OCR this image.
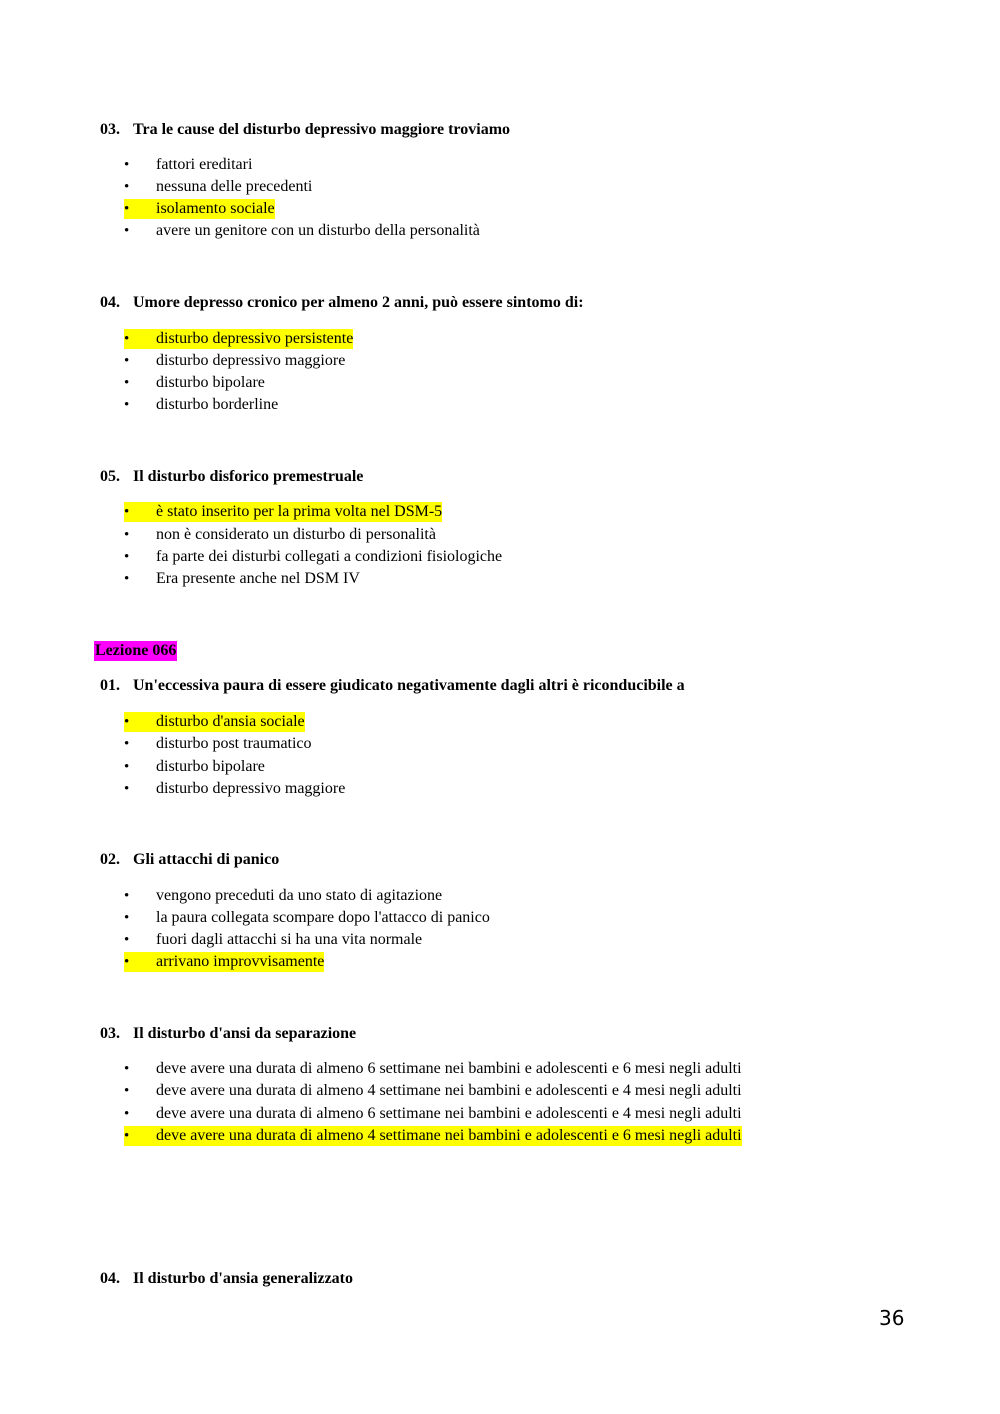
03. Tra le cause del disturbo depressivo maggiore troviamo
• fattori ereditari
• nessuna delle precedenti
• isolamento sociale
• avere un genitore con un disturbo della personalità
04. Umore depresso cronico per almeno 2 anni, può essere sintomo di:
• disturbo depressivo persistente
• disturbo depressivo maggiore
• disturbo bipolare
• disturbo borderline
05. Il disturbo disforico premestruale
• è stato inserito per la prima volta nel DSM-5
• non è considerato un disturbo di personalità
• fa parte dei disturbi collegati a condizioni fisiologiche
• Era presente anche nel DSM IV
Lezione 066
01. Un'eccessiva paura di essere giudicato negativamente dagli altri è riconducibile a
• disturbo d'ansia sociale
• disturbo post traumatico
• disturbo bipolare
• disturbo depressivo maggiore
02. Gli attacchi di panico
• vengono preceduti da uno stato di agitazione
• la paura collegata scompare dopo l'attacco di panico
• fuori dagli attacchi si ha una vita normale
• arrivano improvvisamente
03. Il disturbo d'ansi da separazione
• deve avere una durata di almeno 6 settimane nei bambini e adolescenti e 6 mesi negli adulti
• deve avere una durata di almeno 4 settimane nei bambini e adolescenti e 4 mesi negli adulti
• deve avere una durata di almeno 6 settimane nei bambini e adolescenti e 4 mesi negli adulti
• deve avere una durata di almeno 4 settimane nei bambini e adolescenti e 6 mesi negli adulti
04. Il disturbo d'ansia generalizzato
36
